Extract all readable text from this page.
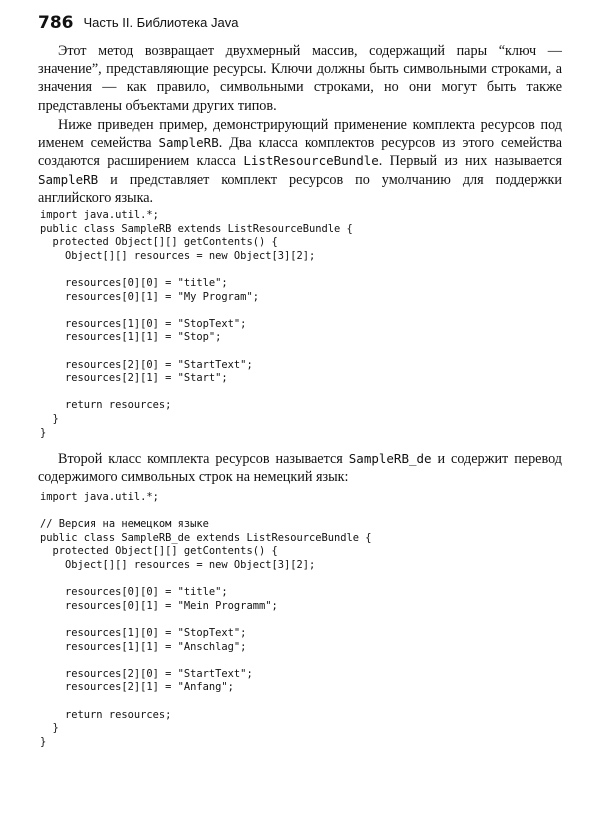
786 Часть II. Библиотека Java

Этот метод возвращает двухмерный массив, содержащий пары “ключ — значение”, представляющие ресурсы. Ключи должны быть символьными строками, а значения — как правило, символьными строками, но они могут быть также представлены объектами других типов.

Ниже приведен пример, демонстрирующий применение комплекта ресурсов под именем семейства SampleRB. Два класса комплектов ресурсов из этого семейства создаются расширением класса ListResourceBundle. Первый из них называется SampleRB и представляет комплект ресурсов по умолчанию для поддержки английского языка.

import java.util.*;
public class SampleRB extends ListResourceBundle {
protected Object[][] getContents() {
Object[][] resources = new Object[3][2];

resources[0][0] = "title";
resources[0][1] = "My Program";

resources[1][0] = "StopText";
resources[1][1] = "Stop";

resources[2][0] = "StartText";
resources[2][1] = "Start";

return resources;
}
}

Второй класс комплекта ресурсов называется SampleRB_de и содержит перевод содержимого символьных строк на немецкий язык:

import java.util.*;

// Версия на немецком языке
public class SampleRB_de extends ListResourceBundle {
protected Object[][] getContents() {
Object[][] resources = new Object[3][2];

resources[0][0] = "title";
resources[0][1] = "Mein Programm";

resources[1][0] = "StopText";
resources[1][1] = "Anschlag";

resources[2][0] = "StartText";
resources[2][1] = "Anfang";

return resources;
}
}
